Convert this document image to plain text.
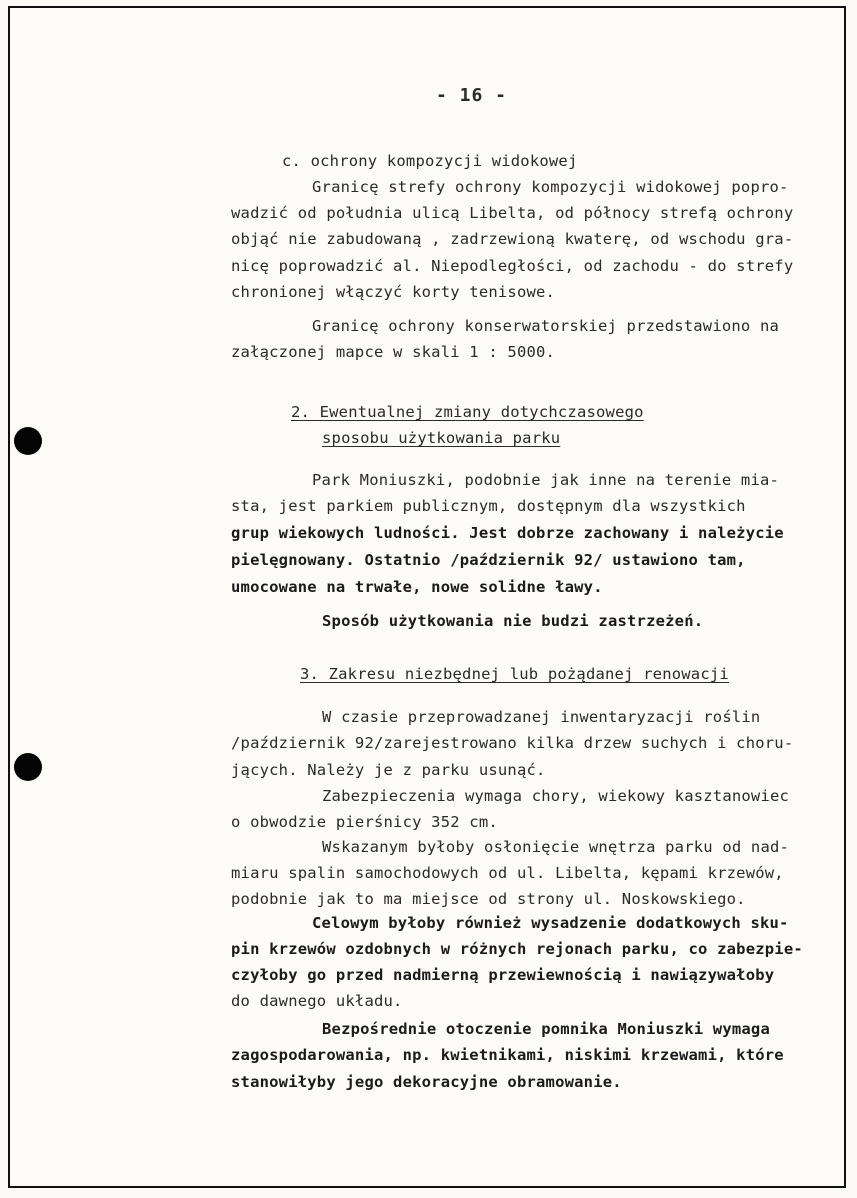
- 16 -
c. ochrony kompozycji widokowej
Granicę strefy ochrony kompozycji widokowej popro-
wadzić od południa ulicą Libelta, od północy strefą ochrony
objąć nie zabudowaną , zadrzewioną kwaterę, od wschodu gra-
nicę poprowadzić al. Niepodległości, od zachodu - do strefy
chronionej włączyć korty tenisowe.
Granicę ochrony konserwatorskiej przedstawiono na
załączonej mapce w skali 1 : 5000.
2. Ewentualnej zmiany dotychczasowego
sposobu użytkowania parku
Park Moniuszki, podobnie jak inne na terenie mia-
sta, jest parkiem publicznym, dostępnym dla wszystkich
grup wiekowych ludności. Jest dobrze zachowany i należycie
pielęgnowany. Ostatnio /październik 92/ ustawiono tam,
umocowane na trwałe, nowe solidne ławy.
Sposób użytkowania nie budzi zastrzeżeń.
3. Zakresu niezbędnej lub pożądanej renowacji
W czasie przeprowadzanej inwentaryzacji roślin
/październik 92/zarejestrowano kilka drzew suchych i choru-
jących. Należy je z parku usunąć.
Zabezpieczenia wymaga chory, wiekowy kasztanowiec
o obwodzie pierśnicy 352 cm.
Wskazanym byłoby osłonięcie wnętrza parku od nad-
miaru spalin samochodowych od ul. Libelta, kępami krzewów,
podobnie jak to ma miejsce od strony ul. Noskowskiego.
Celowym byłoby również wysadzenie dodatkowych sku-
pin krzewów ozdobnych w różnych rejonach parku, co zabezpie-
czyłoby go przed nadmierną przewiewnością i nawiązywałoby
do dawnego układu.
Bezpośrednie otoczenie pomnika Moniuszki wymaga
zagospodarowania, np. kwietnikami, niskimi krzewami, które
stanowiłyby jego dekoracyjne obramowanie.
